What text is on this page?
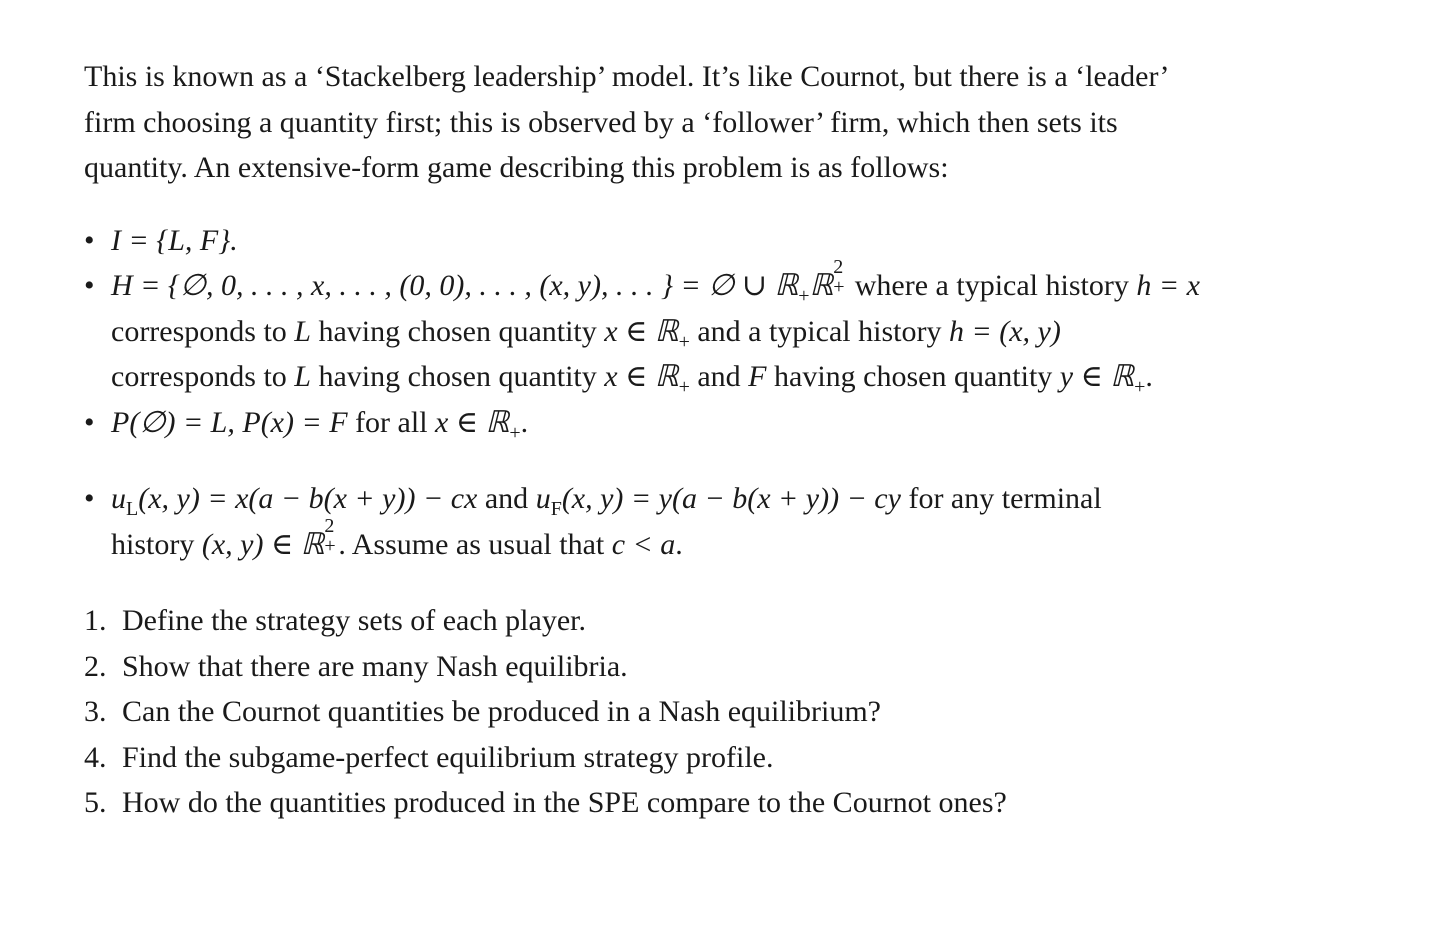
This is known as a ‘Stackelberg leadership’ model. It’s like Cournot, but there is a ‘leader’
firm choosing a quantity first; this is observed by a ‘follower’ firm, which then sets its
quantity. An extensive-form game describing this problem is as follows:

• I = {L, F}.
• H = {∅, 0, . . . , x, . . . , (0, 0), . . . , (x, y), . . . } = ∅ ∪ ℝ$_+$ℝ
2
+ where a typical history h = x
corresponds to L having chosen quantity x ∈ ℝ$_+$ and a typical history h = (x, y)
corresponds to L having chosen quantity x ∈ ℝ$_+$ and F having chosen quantity y ∈ ℝ$_+$.
• P(∅) = L, P(x) = F for all x ∈ ℝ$_+$.
• $u_L(x$, y) = x(a − b(x + y)) − cx and $u_F(x$, y) = y(a − b(x + y)) − cy for any terminal
history (x, y) ∈ ℝ
2
+ . Assume as usual that c < a.
1. Define the strategy sets of each player.
2. Show that there are many Nash equilibria.
3. Can the Cournot quantities be produced in a Nash equilibrium?
4. Find the subgame-perfect equilibrium strategy profile.
5. How do the quantities produced in the SPE compare to the Cournot ones?
